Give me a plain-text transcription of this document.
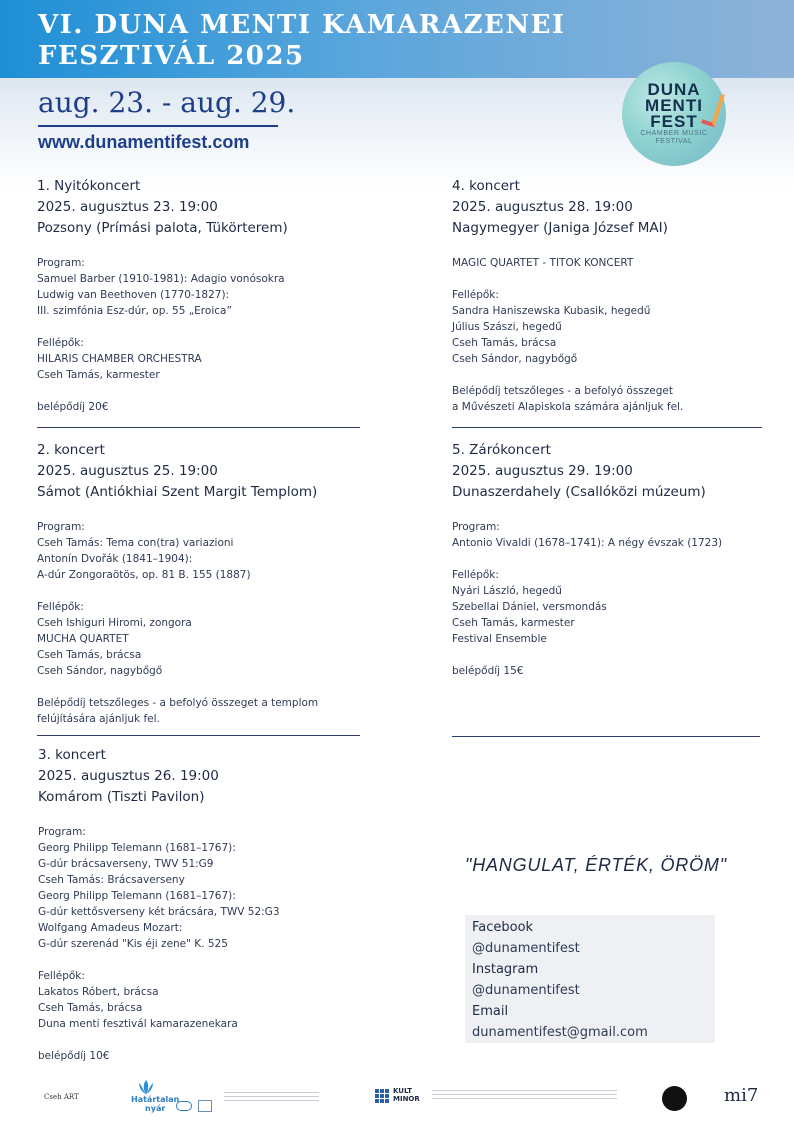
VI. DUNA MENTI KAMARAZENEI FESZTIVÁL 2025
aug. 23. - aug. 29.
www.dunamentifest.com
DUNA
MENTI
FEST
CHAMBER MUSIC
FESTIVAL
1. Nyitókoncert
2025. augusztus 23. 19:00
Pozsony (Prímási palota, Tükörterem)
Program:
Samuel Barber (1910-1981): Adagio vonósokra
Ludwig van Beethoven (1770-1827):
III. szimfónia Esz-dúr, op. 55 „Eroica”
Fellépők:
HILARIS CHAMBER ORCHESTRA
Cseh Tamás, karmester
belépődíj 20€
2. koncert
2025. augusztus 25. 19:00
Sámot (Antiókhiai Szent Margit Templom)
Program:
Cseh Tamás: Tema con(tra) variazioni
Antonín Dvořák (1841–1904):
A-dúr Zongoraötös, op. 81 B. 155 (1887)
Fellépők:
Cseh Ishiguri Hiromi, zongora
MUCHA QUARTET
Cseh Tamás, brácsa
Cseh Sándor, nagybőgő
Belépődíj tetszőleges - a befolyó összeget a templom
felújítására ajánljuk fel.
3. koncert
2025. augusztus 26. 19:00
Komárom (Tiszti Pavilon)
Program:
Georg Philipp Telemann (1681–1767):
G-dúr brácsaverseny, TWV 51:G9
Cseh Tamás: Brácsaverseny
Georg Philipp Telemann (1681–1767):
G-dúr kettősverseny két brácsára, TWV 52:G3
Wolfgang Amadeus Mozart:
G-dúr szerenád "Kis éji zene" K. 525
Fellépők:
Lakatos Róbert, brácsa
Cseh Tamás, brácsa
Duna menti fesztivál kamarazenekara
belépődíj 10€
4. koncert
2025. augusztus 28. 19:00
Nagymegyer (Janiga József MAI)
MAGIC QUARTET - TITOK KONCERT
Fellépők:
Sandra Haniszewska Kubasik, hegedű
Július Szászi, hegedű
Cseh Tamás, brácsa
Cseh Sándor, nagybőgő
Belépődíj tetszőleges - a befolyó összeget
a Művészeti Alapiskola számára ajánljuk fel.
5. Zárókoncert
2025. augusztus 29. 19:00
Dunaszerdahely (Csallóközi múzeum)
Program:
Antonio Vivaldi (1678–1741): A négy évszak (1723)
Fellépők:
Nyári László, hegedű
Szebellai Dániel, versmondás
Cseh Tamás, karmester
Festival Ensemble
belépődíj 15€
"HANGULAT, ÉRTÉK, ÖRÖM"
Facebook
@dunamentifest
Instagram
@dunamentifest
Email
dunamentifest@gmail.com
Cseh ART	Határtalan
nyár
KULT
MINOR	mi7
